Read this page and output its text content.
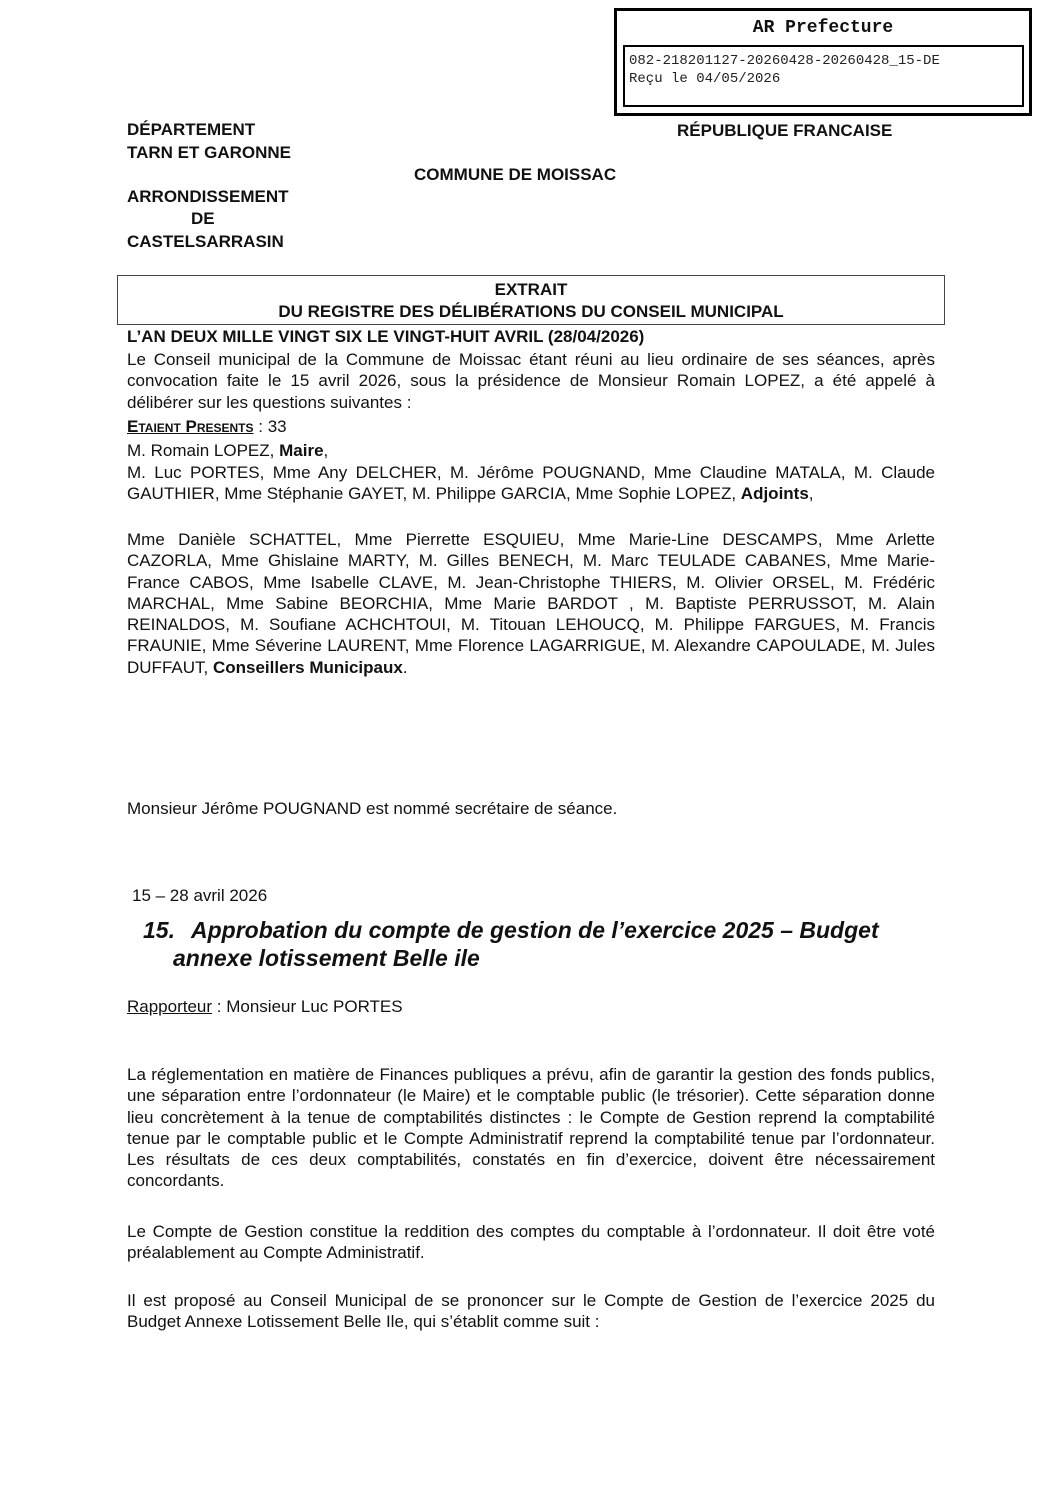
AR Prefecture
082-218201127-20260428-20260428_15-DE
Reçu le 04/05/2026
DÉPARTEMENT
TARN ET GARONNE
RÉPUBLIQUE FRANCAISE
COMMUNE DE MOISSAC
ARRONDISSEMENT
DE
CASTELSARRASIN
EXTRAIT
DU REGISTRE DES DÉLIBÉRATIONS DU CONSEIL MUNICIPAL
L’AN DEUX MILLE VINGT SIX LE VINGT-HUIT AVRIL (28/04/2026)
Le Conseil municipal de la Commune de Moissac étant réuni au lieu ordinaire de ses séances, après convocation faite le 15 avril 2026, sous la présidence de Monsieur Romain LOPEZ, a été appelé à délibérer sur les questions suivantes :
Etaient Presents : 33
M. Romain LOPEZ, Maire,
M. Luc PORTES, Mme Any DELCHER, M. Jérôme POUGNAND, Mme Claudine MATALA, M. Claude GAUTHIER, Mme Stéphanie GAYET, M. Philippe GARCIA, Mme Sophie LOPEZ, Adjoints,
Mme Danièle SCHATTEL, Mme Pierrette ESQUIEU, Mme Marie-Line DESCAMPS, Mme Arlette CAZORLA, Mme Ghislaine MARTY, M. Gilles BENECH, M. Marc TEULADE CABANES, Mme Marie-France CABOS, Mme Isabelle CLAVE, M. Jean-Christophe THIERS, M. Olivier ORSEL, M. Frédéric MARCHAL, Mme Sabine BEORCHIA, Mme Marie BARDOT , M. Baptiste PERRUSSOT, M. Alain REINALDOS, M. Soufiane ACHCHTOUI, M. Titouan LEHOUCQ, M. Philippe FARGUES, M. Francis FRAUNIE, Mme Séverine LAURENT, Mme Florence LAGARRIGUE, M. Alexandre CAPOULADE, M. Jules DUFFAUT, Conseillers Municipaux.
Monsieur Jérôme POUGNAND est nommé secrétaire de séance.
15 – 28 avril 2026
15. Approbation du compte de gestion de l’exercice 2025 – Budget
annexe lotissement Belle ile
Rapporteur : Monsieur Luc PORTES
La réglementation en matière de Finances publiques a prévu, afin de garantir la gestion des fonds publics, une séparation entre l’ordonnateur (le Maire) et le comptable public (le trésorier). Cette séparation donne lieu concrètement à la tenue de comptabilités distinctes : le Compte de Gestion reprend la comptabilité tenue par le comptable public et le Compte Administratif reprend la comptabilité tenue par l’ordonnateur. Les résultats de ces deux comptabilités, constatés en fin d’exercice, doivent être nécessairement concordants.
Le Compte de Gestion constitue la reddition des comptes du comptable à l’ordonnateur. Il doit être voté préalablement au Compte Administratif.
Il est proposé au Conseil Municipal de se prononcer sur le Compte de Gestion de l’exercice 2025 du Budget Annexe Lotissement Belle Ile, qui s’établit comme suit :
